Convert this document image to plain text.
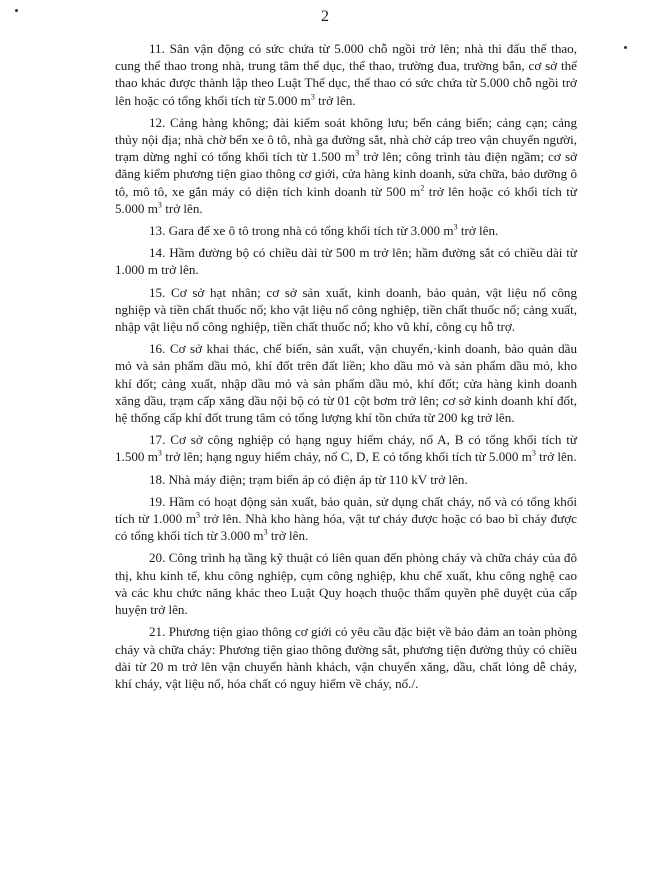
2

11. Sân vận động có sức chứa từ 5.000 chỗ ngồi trở lên; nhà thi đấu thể thao, cung thể thao trong nhà, trung tâm thể dục, thể thao, trường đua, trường bắn, cơ sở thể thao khác được thành lập theo Luật Thể dục, thể thao có sức chứa từ 5.000 chỗ ngồi trở lên hoặc có tổng khối tích từ 5.000 $m^3$ trở lên.

12. Cảng hàng không; đài kiểm soát không lưu; bến cảng biển; cảng cạn; cảng thủy nội địa; nhà chờ bến xe ô tô, nhà ga đường sắt, nhà chờ cáp treo vận chuyển người, trạm dừng nghỉ có tổng khối tích từ 1.500 $m^3$ trở lên; công trình tàu điện ngầm; cơ sở đăng kiểm phương tiện giao thông cơ giới, cửa hàng kinh doanh, sửa chữa, bảo dưỡng ô tô, mô tô, xe gắn máy có diện tích kinh doanh từ 500 $m^2$ trở lên hoặc có khối tích từ 5.000 $m^3$ trở lên.

13. Gara để xe ô tô trong nhà có tổng khối tích từ 3.000 $m^3$ trở lên.

14. Hầm đường bộ có chiều dài từ 500 m trở lên; hầm đường sắt có chiều dài từ 1.000 m trở lên.

15. Cơ sở hạt nhân; cơ sở sản xuất, kinh doanh, bảo quản, vật liệu nổ công nghiệp và tiền chất thuốc nổ; kho vật liệu nổ công nghiệp, tiền chất thuốc nổ; cảng xuất, nhập vật liệu nổ công nghiệp, tiền chất thuốc nổ; kho vũ khí, công cụ hỗ trợ.

16. Cơ sở khai thác, chế biến, sản xuất, vận chuyển,·kinh doanh, bảo quản dầu mỏ và sản phẩm dầu mỏ, khí đốt trên đất liền; kho dầu mỏ và sản phẩm dầu mỏ, kho khí đốt; cảng xuất, nhập dầu mỏ và sản phẩm dầu mỏ, khí đốt; cửa hàng kinh doanh xăng dầu, trạm cấp xăng dầu nội bộ có từ 01 cột bơm trở lên; cơ sở kinh doanh khí đốt, hệ thống cấp khí đốt trung tâm có tổng lượng khí tồn chứa từ 200 kg trở lên.

17. Cơ sở công nghiệp có hạng nguy hiểm cháy, nổ A, B có tổng khối tích từ 1.500 $m^3$ trở lên; hạng nguy hiểm cháy, nổ C, D, E có tổng khối tích từ 5.000 $m^3$ trở lên.

18. Nhà máy điện; trạm biến áp có điện áp từ 110 kV trở lên.

19. Hầm có hoạt động sản xuất, bảo quản, sử dụng chất cháy, nổ và có tổng khối tích từ 1.000 $m^3$ trở lên. Nhà kho hàng hóa, vật tư cháy được hoặc có bao bì cháy được có tổng khối tích từ 3.000 $m^3$ trở lên.

20. Công trình hạ tầng kỹ thuật có liên quan đến phòng cháy và chữa cháy của đô thị, khu kinh tế, khu công nghiệp, cụm công nghiệp, khu chế xuất, khu công nghệ cao và các khu chức năng khác theo Luật Quy hoạch thuộc thẩm quyền phê duyệt của cấp huyện trở lên.

21. Phương tiện giao thông cơ giới có yêu cầu đặc biệt về bảo đảm an toàn phòng cháy và chữa cháy: Phương tiện giao thông đường sắt, phương tiện đường thủy có chiều dài từ 20 m trở lên vận chuyển hành khách, vận chuyển xăng, dầu, chất lỏng dễ cháy, khí cháy, vật liệu nổ, hóa chất có nguy hiểm về cháy, nổ./.
